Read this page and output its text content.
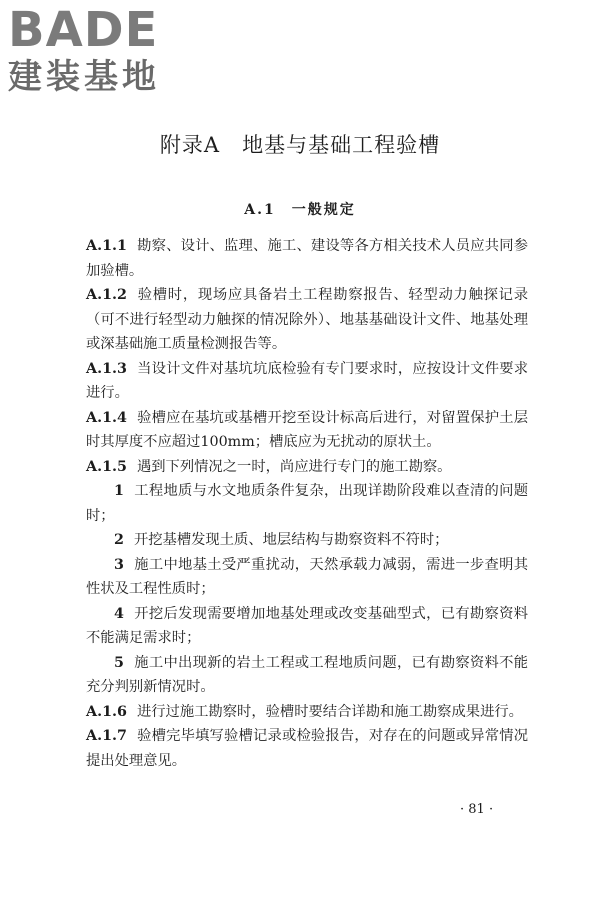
BADE
建装基地
附录A　地基与基础工程验槽
A.1　一般规定

A.1.1 勘察、设计、监理、施工、建设等各方相关技术人员应共同参加验槽。

A.1.2 验槽时，现场应具备岩土工程勘察报告、轻型动力触探记录（可不进行轻型动力触探的情况除外）、地基基础设计文件、地基处理或深基础施工质量检测报告等。

A.1.3 当设计文件对基坑坑底检验有专门要求时，应按设计文件要求进行。

A.1.4 验槽应在基坑或基槽开挖至设计标高后进行，对留置保护土层时其厚度不应超过100mm；槽底应为无扰动的原状土。

A.1.5 遇到下列情况之一时，尚应进行专门的施工勘察。

1 工程地质与水文地质条件复杂，出现详勘阶段难以查清的问题时；

2 开挖基槽发现土质、地层结构与勘察资料不符时；

3 施工中地基土受严重扰动，天然承载力减弱，需进一步查明其性状及工程性质时；

4 开挖后发现需要增加地基处理或改变基础型式，已有勘察资料不能满足需求时；

5 施工中出现新的岩土工程或工程地质问题，已有勘察资料不能充分判别新情况时。

A.1.6 进行过施工勘察时，验槽时要结合详勘和施工勘察成果进行。

A.1.7 验槽完毕填写验槽记录或检验报告，对存在的问题或异常情况提出处理意见。

· 81 ·
